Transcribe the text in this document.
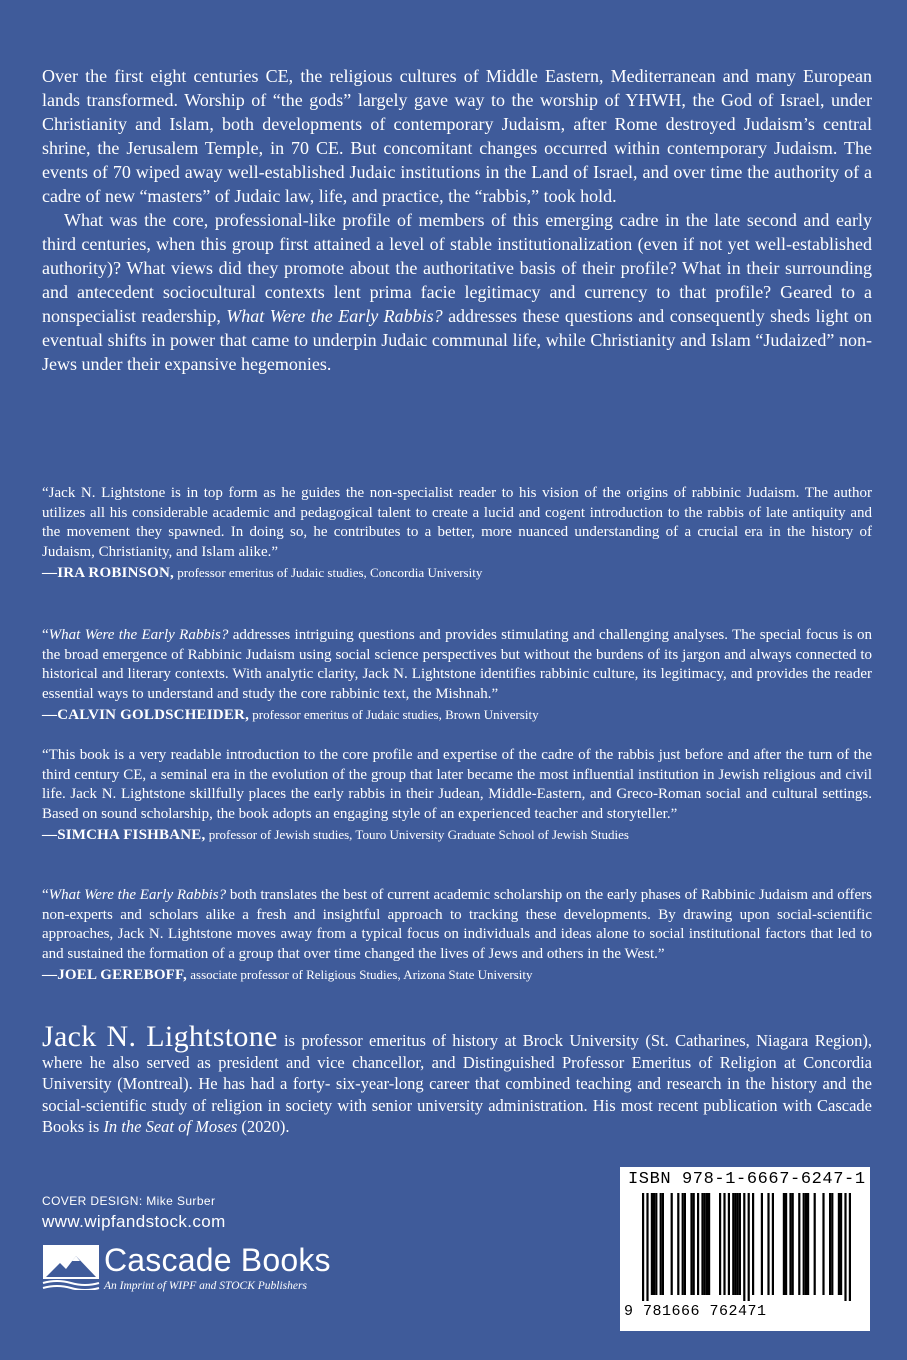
Over the first eight centuries CE, the religious cultures of Middle Eastern, Mediterranean and many European lands transformed. Worship of “the gods” largely gave way to the worship of YHWH, the God of Israel, under Christianity and Islam, both developments of contemporary Judaism, after Rome destroyed Judaism’s central shrine, the Jerusalem Temple, in 70 CE. But concomitant changes occurred within contemporary Judaism. The events of 70 wiped away well-established Judaic institutions in the Land of Israel, and over time the authority of a cadre of new “masters” of Judaic law, life, and practice, the “rabbis,” took hold.

What was the core, professional-like profile of members of this emerging cadre in the late second and early third centuries, when this group first attained a level of stable institutionalization (even if not yet well-established authority)? What views did they promote about the authoritative basis of their profile? What in their surrounding and antecedent sociocultural contexts lent prima facie legitimacy and currency to that profile? Geared to a nonspecialist readership, What Were the Early Rabbis? addresses these questions and consequently sheds light on eventual shifts in power that came to underpin Judaic communal life, while Christianity and Islam “Judaized” non-Jews under their expansive hegemonies.

“Jack N. Lightstone is in top form as he guides the non-specialist reader to his vision of the origins of rabbinic Judaism. The author utilizes all his considerable academic and pedagogical talent to create a lucid and cogent introduction to the rabbis of late antiquity and the movement they spawned. In doing so, he contributes to a better, more nuanced understanding of a crucial era in the history of Judaism, Christianity, and Islam alike.”

—IRA ROBINSON, professor emeritus of Judaic studies, Concordia University

“What Were the Early Rabbis? addresses intriguing questions and provides stimulating and challenging analyses. The special focus is on the broad emergence of Rabbinic Judaism using social science perspectives but without the burdens of its jargon and always connected to historical and literary contexts. With analytic clarity, Jack N. Lightstone identifies rabbinic culture, its legitimacy, and provides the reader essential ways to understand and study the core rabbinic text, the Mishnah.”

—CALVIN GOLDSCHEIDER, professor emeritus of Judaic studies, Brown University

“This book is a very readable introduction to the core profile and expertise of the cadre of the rabbis just before and after the turn of the third century CE, a seminal era in the evolution of the group that later became the most influential institution in Jewish religious and civil life. Jack N. Lightstone skillfully places the early rabbis in their Judean, Middle-Eastern, and Greco-Roman social and cultural settings. Based on sound scholarship, the book adopts an engaging style of an experienced teacher and storyteller.”

—SIMCHA FISHBANE, professor of Jewish studies, Touro University Graduate School of Jewish Studies

“What Were the Early Rabbis? both translates the best of current academic scholarship on the early phases of Rabbinic Judaism and offers non-experts and scholars alike a fresh and insightful approach to tracking these developments. By drawing upon social-scientific approaches, Jack N. Lightstone moves away from a typical focus on individuals and ideas alone to social institutional factors that led to and sustained the formation of a group that over time changed the lives of Jews and others in the West.”

—JOEL GEREBOFF, associate professor of Religious Studies, Arizona State University

Jack N. Lightstone is professor emeritus of history at Brock University (St. Catharines, Niagara Region), where he also served as president and vice chancellor, and Distinguished Professor Emeritus of Religion at Concordia University (Montreal). He has had a forty- six-year-long career that combined teaching and research in the history and the social-scientific study of religion in society with senior university administration. His most recent publication with Cascade Books is In the Seat of Moses (2020).

COVER DESIGN: Mike Surber

www.wipfandstock.com

Cascade Books
An Imprint of WIPF and STOCK Publishers
ISBN 978-1-6667-6247-1
9 781666 762471
